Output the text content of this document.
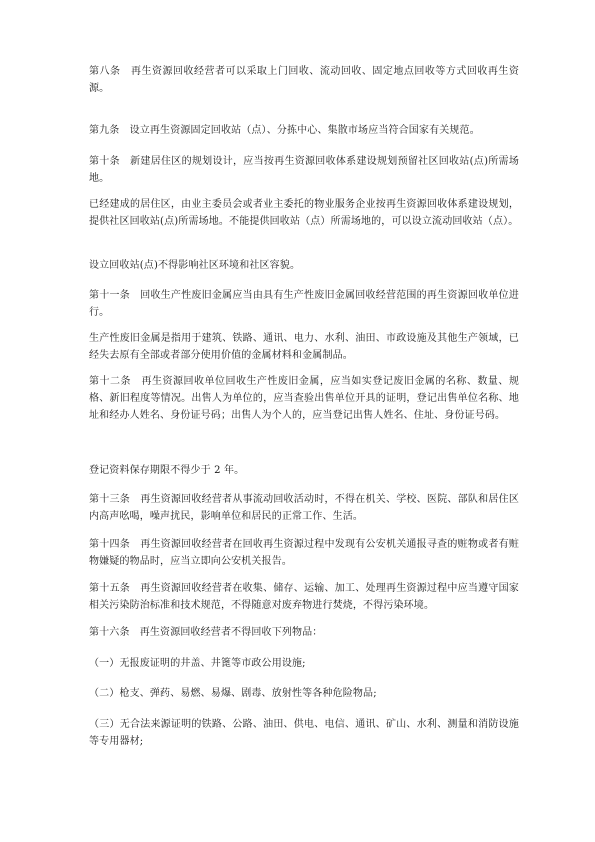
第八条　再生资源回收经营者可以采取上门回收、流动回收、固定地点回收等方式回收再生资源。

第九条　设立再生资源固定回收站（点）、分拣中心、集散市场应当符合国家有关规范。

第十条　新建居住区的规划设计，应当按再生资源回收体系建设规划预留社区回收站(点)所需场地。

已经建成的居住区，由业主委员会或者业主委托的物业服务企业按再生资源回收体系建设规划，提供社区回收站(点)所需场地。不能提供回收站（点）所需场地的，可以设立流动回收站（点）。

设立回收站(点)不得影响社区环境和社区容貌。

第十一条　回收生产性废旧金属应当由具有生产性废旧金属回收经营范围的再生资源回收单位进行。

生产性废旧金属是指用于建筑、铁路、通讯、电力、水利、油田、市政设施及其他生产领域，已经失去原有全部或者部分使用价值的金属材料和金属制品。

第十二条　再生资源回收单位回收生产性废旧金属，应当如实登记废旧金属的名称、数量、规格、新旧程度等情况。出售人为单位的，应当查验出售单位开具的证明，登记出售单位名称、地址和经办人姓名、身份证号码；出售人为个人的，应当登记出售人姓名、住址、身份证号码。

登记资料保存期限不得少于 2 年。

第十三条　再生资源回收经营者从事流动回收活动时，不得在机关、学校、医院、部队和居住区内高声吆喝，噪声扰民，影响单位和居民的正常工作、生活。

第十四条　再生资源回收经营者在回收再生资源过程中发现有公安机关通报寻查的赃物或者有赃物嫌疑的物品时，应当立即向公安机关报告。

第十五条　再生资源回收经营者在收集、储存、运输、加工、处理再生资源过程中应当遵守国家相关污染防治标准和技术规范，不得随意对废弃物进行焚烧，不得污染环境。

第十六条　再生资源回收经营者不得回收下列物品：

（一）无报废证明的井盖、井篦等市政公用设施;

（二）枪支、弹药、易燃、易爆、剧毒、放射性等各种危险物品;

（三）无合法来源证明的铁路、公路、油田、供电、电信、通讯、矿山、水利、测量和消防设施等专用器材;
